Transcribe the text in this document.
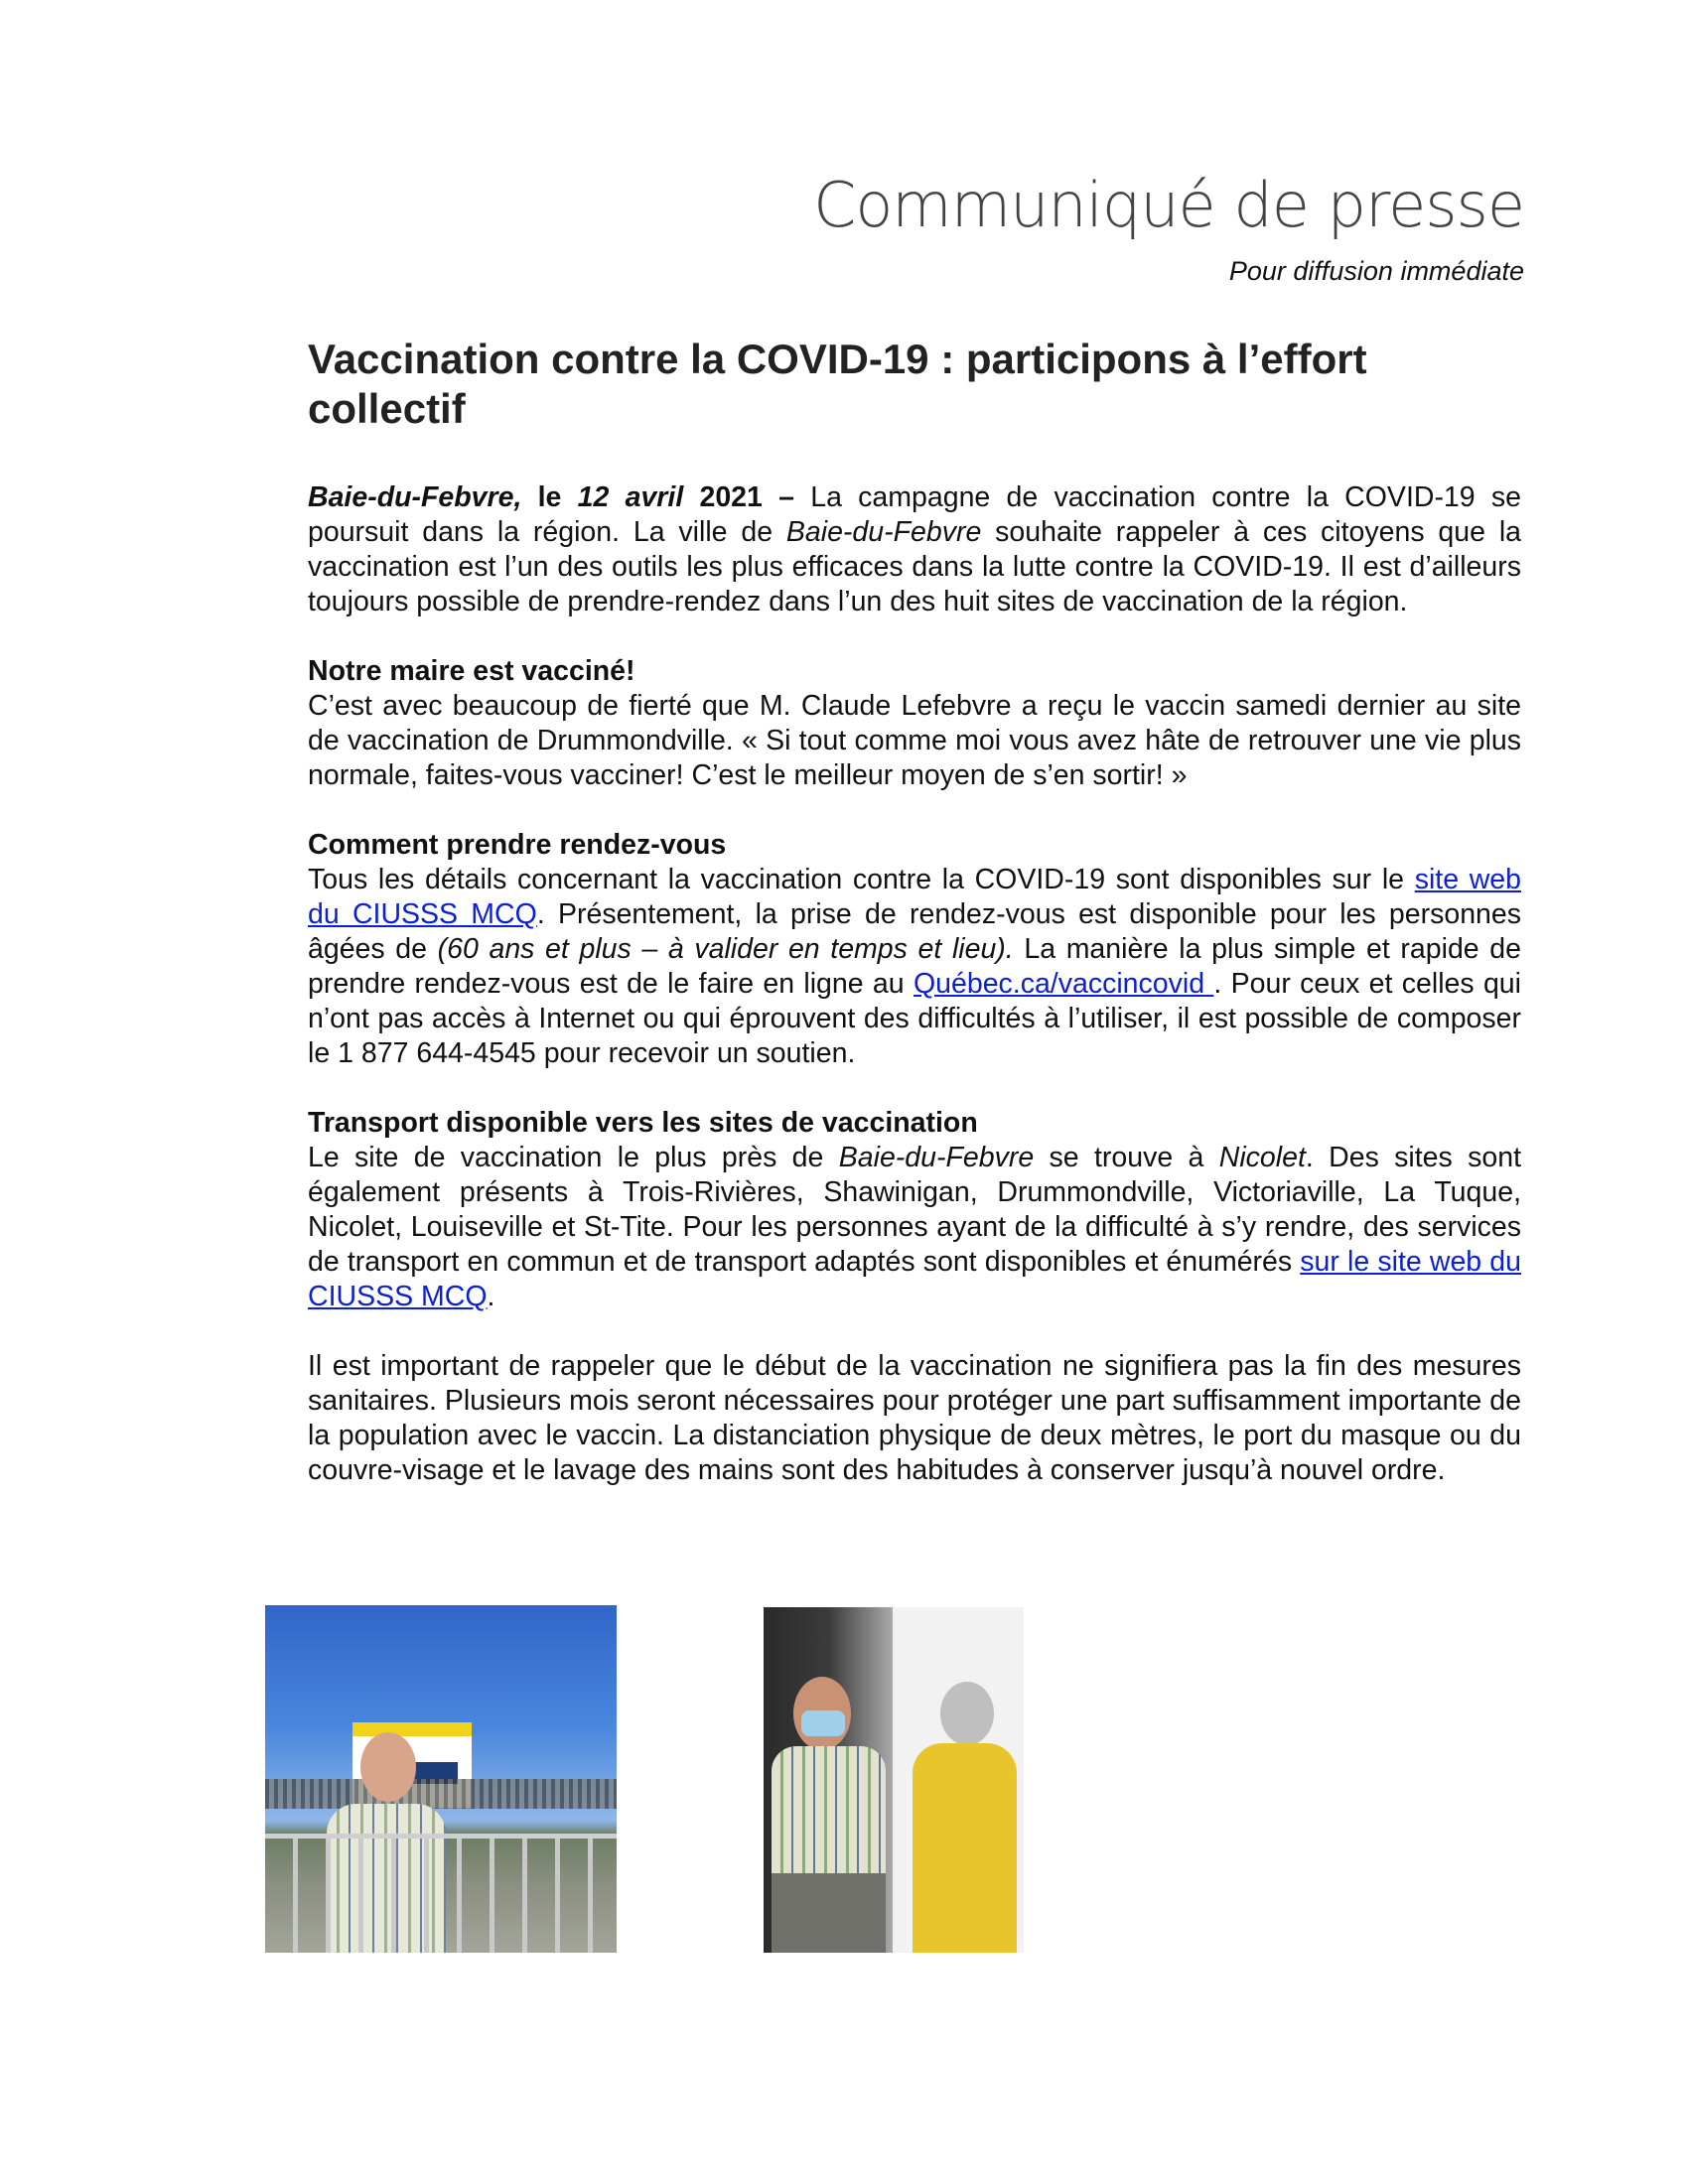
Communiqué de presse
Pour diffusion immédiate
Vaccination contre la COVID-19 : participons à l’effort collectif

Baie-du-Febvre, le 12 avril 2021 – La campagne de vaccination contre la COVID-19 se poursuit dans la région. La ville de Baie-du-Febvre souhaite rappeler à ces citoyens que la vaccination est l’un des outils les plus efficaces dans la lutte contre la COVID-19. Il est d’ailleurs toujours possible de prendre-rendez dans l’un des huit sites de vaccination de la région.

Notre maire est vacciné!
C’est avec beaucoup de fierté que M. Claude Lefebvre a reçu le vaccin samedi dernier au site de vaccination de Drummondville. « Si tout comme moi vous avez hâte de retrouver une vie plus normale, faites-vous vacciner! C’est le meilleur moyen de s’en sortir! »

Comment prendre rendez-vous
Tous les détails concernant la vaccination contre la COVID-19 sont disponibles sur le site web du CIUSSS MCQ. Présentement, la prise de rendez-vous est disponible pour les personnes âgées de (60 ans et plus – à valider en temps et lieu). La manière la plus simple et rapide de prendre rendez-vous est de le faire en ligne au Québec.ca/vaccincovid . Pour ceux et celles qui n’ont pas accès à Internet ou qui éprouvent des difficultés à l’utiliser, il est possible de composer le 1 877 644-4545 pour recevoir un soutien.

Transport disponible vers les sites de vaccination
Le site de vaccination le plus près de Baie-du-Febvre se trouve à Nicolet. Des sites sont également présents à Trois-Rivières, Shawinigan, Drummondville, Victoriaville, La Tuque, Nicolet, Louiseville et St-Tite. Pour les personnes ayant de la difficulté à s’y rendre, des services de transport en commun et de transport adaptés sont disponibles et énumérés sur le site web du CIUSSS MCQ.

Il est important de rappeler que le début de la vaccination ne signifiera pas la fin des mesures sanitaires. Plusieurs mois seront nécessaires pour protéger une part suffisamment importante de la population avec le vaccin. La distanciation physique de deux mètres, le port du masque ou du couvre-visage et le lavage des mains sont des habitudes à conserver jusqu’à nouvel ordre.
